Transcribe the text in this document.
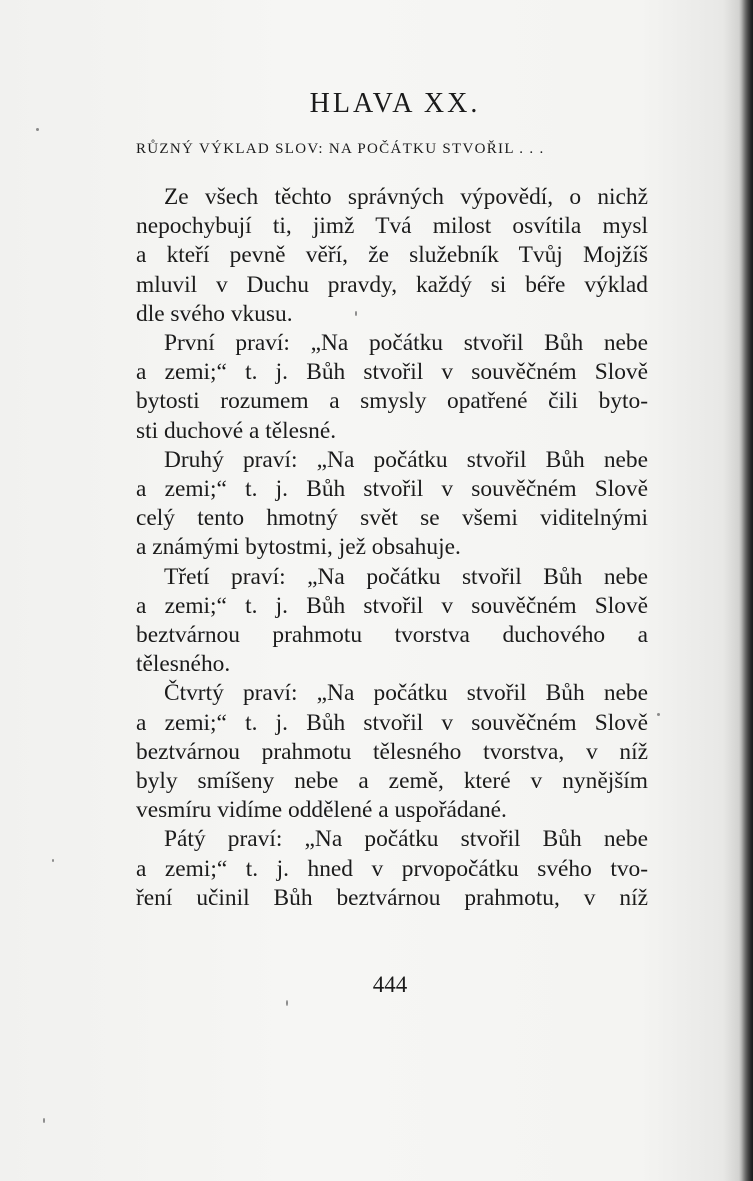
HLAVA XX.
RŮZNÝ VÝKLAD SLOV: NA POČÁTKU STVOŘIL . . .

Ze všech těchto správných výpovědí, o nichž
nepochybují ti, jimž Tvá milost osvítila mysl
a kteří pevně věří, že služebník Tvůj Mojžíš
mluvil v Duchu pravdy, každý si béře výklad
dle svého vkusu.

První praví: „Na počátku stvořil Bůh nebe
a zemi;“ t. j. Bůh stvořil v souvěčném Slově
bytosti rozumem a smysly opatřené čili byto-
sti duchové a tělesné.

Druhý praví: „Na počátku stvořil Bůh nebe
a zemi;“ t. j. Bůh stvořil v souvěčném Slově
celý tento hmotný svět se všemi viditelnými
a známými bytostmi, jež obsahuje.

Třetí praví: „Na počátku stvořil Bůh nebe
a zemi;“ t. j. Bůh stvořil v souvěčném Slově
beztvárnou prahmotu tvorstva duchového a
tělesného.

Čtvrtý praví: „Na počátku stvořil Bůh nebe
a zemi;“ t. j. Bůh stvořil v souvěčném Slově
beztvárnou prahmotu tělesného tvorstva, v níž
byly smíšeny nebe a země, které v nynějším
vesmíru vidíme oddělené a uspořádané.

Pátý praví: „Na počátku stvořil Bůh nebe
a zemi;“ t. j. hned v prvopočátku svého tvo-
ření učinil Bůh beztvárnou prahmotu, v níž

444
